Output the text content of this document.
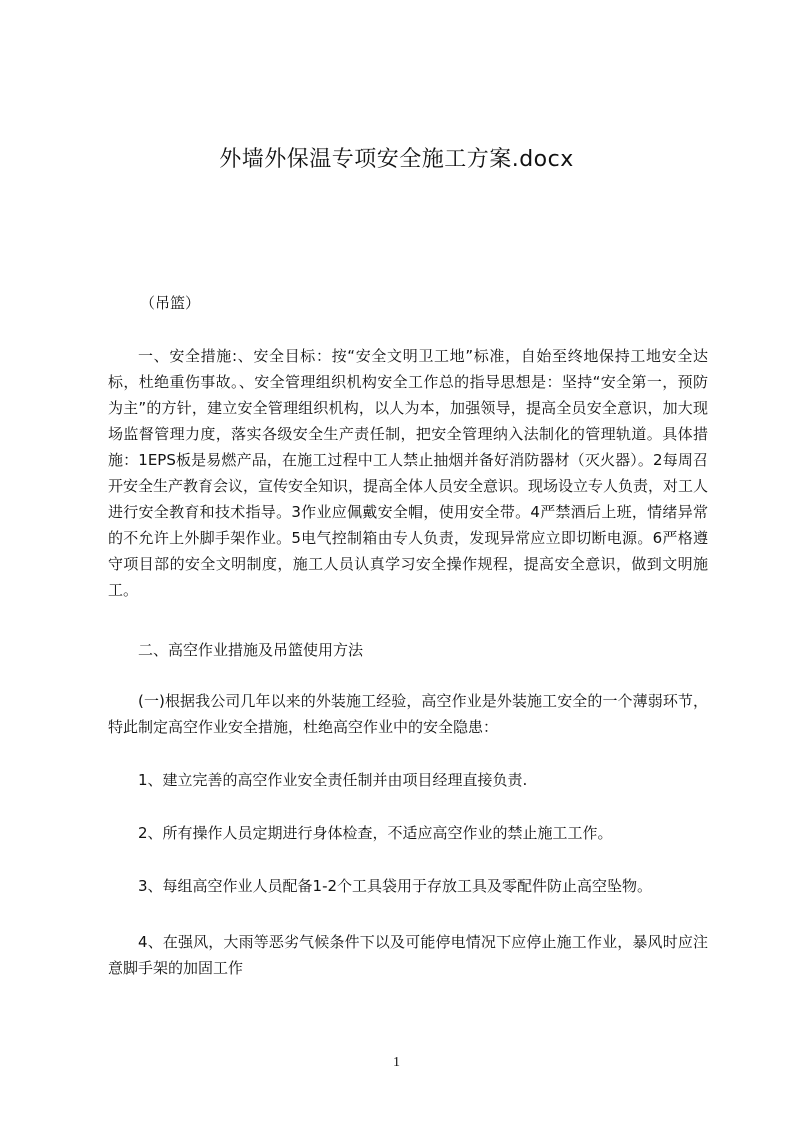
外墙外保温专项安全施工方案.docx
（吊篮）
一、安全措施:、安全目标：按“安全文明卫工地”标准，自始至终地保持工地安全达标，杜绝重伤事故。、安全管理组织机构安全工作总的指导思想是：坚持“安全第一，预防为主”的方针，建立安全管理组织机构，以人为本，加强领导，提高全员安全意识，加大现场监督管理力度，落实各级安全生产责任制，把安全管理纳入法制化的管理轨道。具体措施：1EPS板是易燃产品，在施工过程中工人禁止抽烟并备好消防器材（灭火器）。2每周召开安全生产教育会议，宣传安全知识，提高全体人员安全意识。现场设立专人负责，对工人进行安全教育和技术指导。3作业应佩戴安全帽，使用安全带。4严禁酒后上班，情绪异常的不允许上外脚手架作业。5电气控制箱由专人负责，发现异常应立即切断电源。6严格遵守项目部的安全文明制度，施工人员认真学习安全操作规程，提高安全意识，做到文明施工。
二、高空作业措施及吊篮使用方法
(一)根据我公司几年以来的外装施工经验，高空作业是外装施工安全的一个薄弱环节，特此制定高空作业安全措施，杜绝高空作业中的安全隐患：
1、建立完善的高空作业安全责任制并由项目经理直接负责.
2、所有操作人员定期进行身体检查，不适应高空作业的禁止施工工作。
3、每组高空作业人员配备1-2个工具袋用于存放工具及零配件防止高空坠物。
4、在强风，大雨等恶劣气候条件下以及可能停电情况下应停止施工作业，暴风时应注意脚手架的加固工作
1
